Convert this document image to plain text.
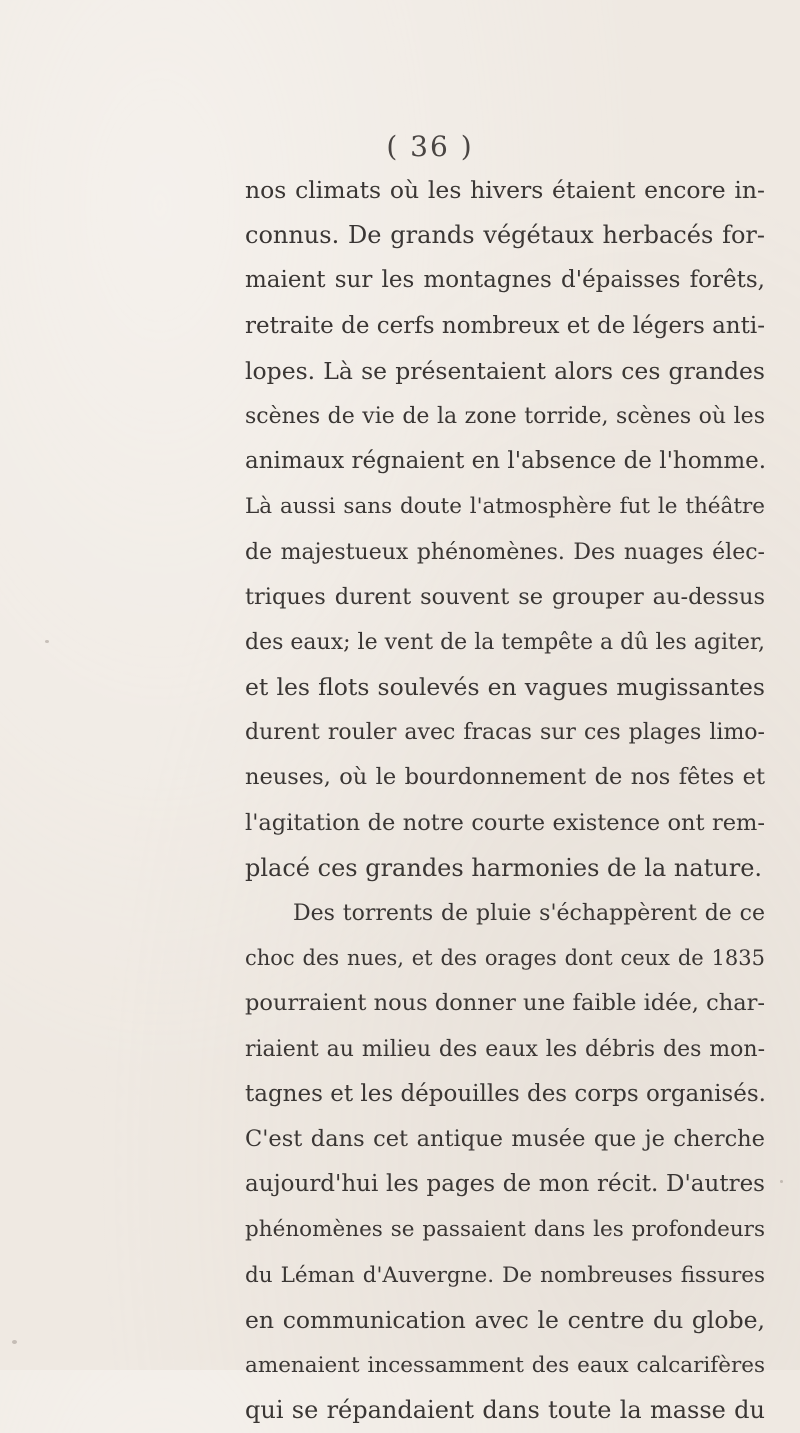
( 36 )
nos climats où les hivers étaient encore in-
connus. De grands végétaux herbacés for-
maient sur les montagnes d'épaisses forêts,
retraite de cerfs nombreux et de légers anti-
lopes. Là se présentaient alors ces grandes
scènes de vie de la zone torride, scènes où les
animaux régnaient en l'absence de l'homme.
Là aussi sans doute l'atmosphère fut le théâtre
de majestueux phénomènes. Des nuages élec-
triques durent souvent se grouper au-dessus
des eaux; le vent de la tempête a dû les agiter,
et les flots soulevés en vagues mugissantes
durent rouler avec fracas sur ces plages limo-
neuses, où le bourdonnement de nos fêtes et
l'agitation de notre courte existence ont rem-
placé ces grandes harmonies de la nature.
Des torrents de pluie s'échappèrent de ce
choc des nues, et des orages dont ceux de 1835
pourraient nous donner une faible idée, char-
riaient au milieu des eaux les débris des mon-
tagnes et les dépouilles des corps organisés.
C'est dans cet antique musée que je cherche
aujourd'hui les pages de mon récit. D'autres
phénomènes se passaient dans les profondeurs
du Léman d'Auvergne. De nombreuses fissures
en communication avec le centre du globe,
amenaient incessamment des eaux calcarifères
qui se répandaient dans toute la masse du
